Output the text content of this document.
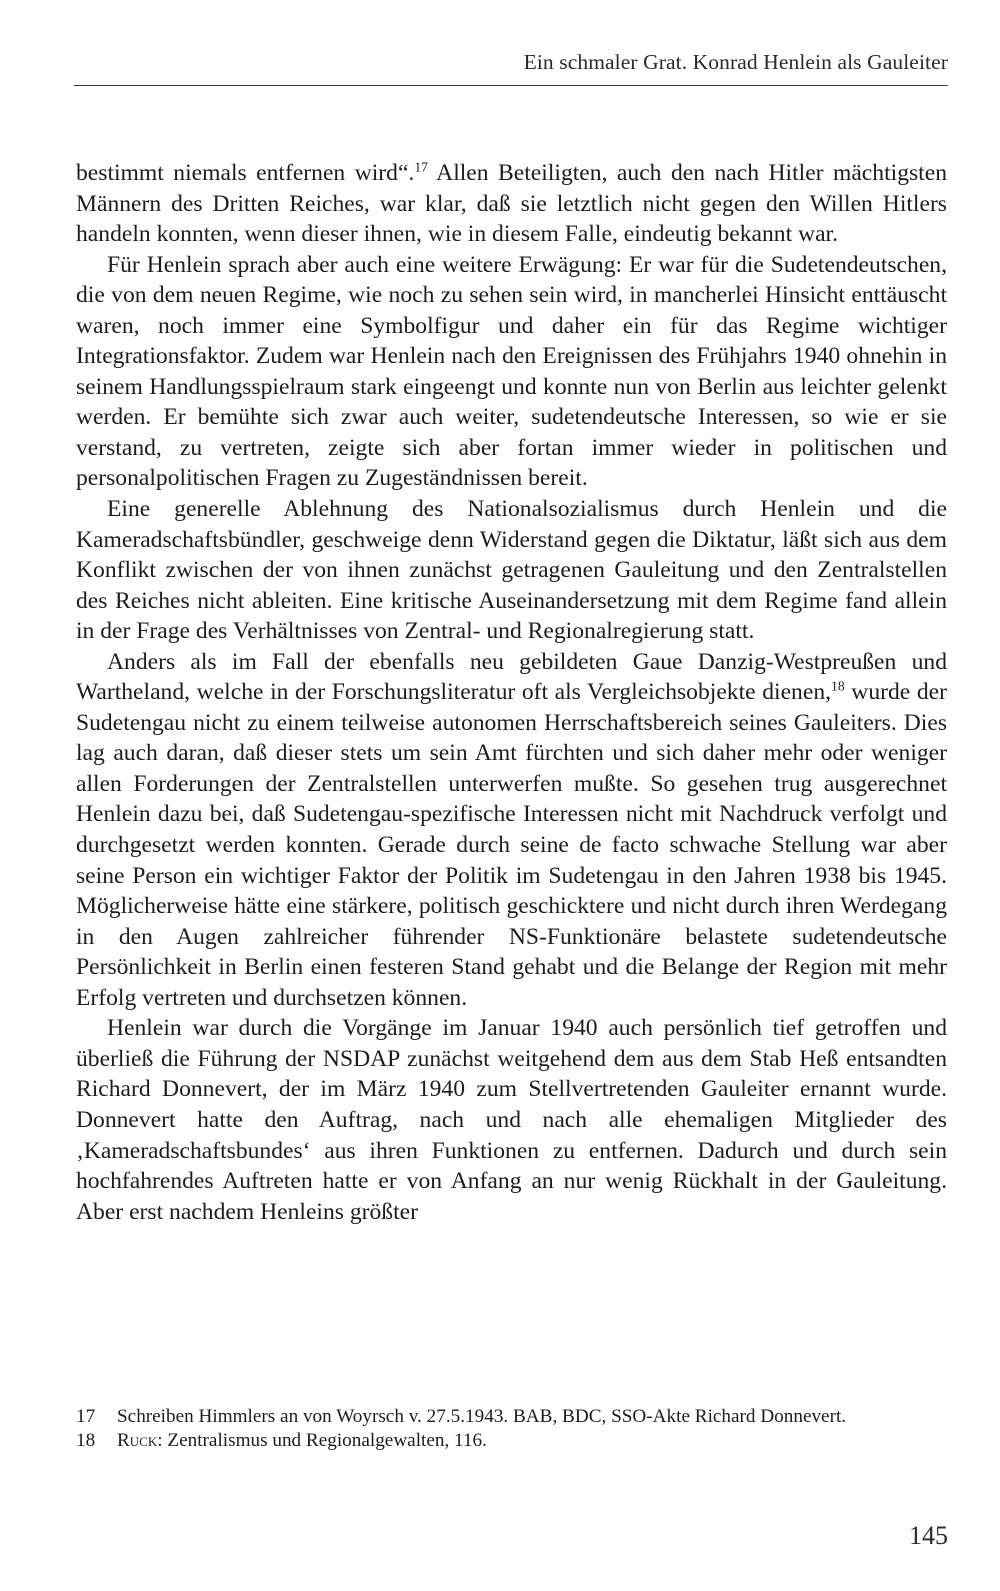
Ein schmaler Grat. Konrad Henlein als Gauleiter

bestimmt niemals entfernen wird“.$^{17}$ Allen Beteiligten, auch den nach Hitler mächtigsten Männern des Dritten Reiches, war klar, daß sie letztlich nicht gegen den Willen Hitlers handeln konnten, wenn dieser ihnen, wie in diesem Falle, eindeutig bekannt war.

Für Henlein sprach aber auch eine weitere Erwägung: Er war für die Sudetendeutschen, die von dem neuen Regime, wie noch zu sehen sein wird, in mancherlei Hinsicht enttäuscht waren, noch immer eine Symbolfigur und daher ein für das Regime wichtiger Integrationsfaktor. Zudem war Henlein nach den Ereignissen des Frühjahrs 1940 ohnehin in seinem Handlungsspielraum stark eingeengt und konnte nun von Berlin aus leichter gelenkt werden. Er bemühte sich zwar auch weiter, sudetendeutsche Interessen, so wie er sie verstand, zu vertreten, zeigte sich aber fortan immer wieder in politischen und personalpolitischen Fragen zu Zugeständnissen bereit.

Eine generelle Ablehnung des Nationalsozialismus durch Henlein und die Kameradschaftsbündler, geschweige denn Widerstand gegen die Diktatur, läßt sich aus dem Konflikt zwischen der von ihnen zunächst getragenen Gauleitung und den Zentralstellen des Reiches nicht ableiten. Eine kritische Auseinandersetzung mit dem Regime fand allein in der Frage des Verhältnisses von Zentral- und Regionalregierung statt.

Anders als im Fall der ebenfalls neu gebildeten Gaue Danzig-Westpreußen und Wartheland, welche in der Forschungsliteratur oft als Vergleichsobjekte dienen,$^{18}$ wurde der Sudetengau nicht zu einem teilweise autonomen Herrschaftsbereich seines Gauleiters. Dies lag auch daran, daß dieser stets um sein Amt fürchten und sich daher mehr oder weniger allen Forderungen der Zentralstellen unterwerfen mußte. So gesehen trug ausgerechnet Henlein dazu bei, daß Sudetengau-spezifische Interessen nicht mit Nachdruck verfolgt und durchgesetzt werden konnten. Gerade durch seine de facto schwache Stellung war aber seine Person ein wichtiger Faktor der Politik im Sudetengau in den Jahren 1938 bis 1945. Möglicherweise hätte eine stärkere, politisch geschicktere und nicht durch ihren Werdegang in den Augen zahlreicher führender NS-Funktionäre belastete sudetendeutsche Persönlichkeit in Berlin einen festeren Stand gehabt und die Belange der Region mit mehr Erfolg vertreten und durchsetzen können.

Henlein war durch die Vorgänge im Januar 1940 auch persönlich tief getroffen und überließ die Führung der NSDAP zunächst weitgehend dem aus dem Stab Heß entsandten Richard Donnevert, der im März 1940 zum Stellvertretenden Gauleiter ernannt wurde. Donnevert hatte den Auftrag, nach und nach alle ehemaligen Mitglieder des ‚Kameradschaftsbundes‘ aus ihren Funktionen zu entfernen. Dadurch und durch sein hochfahrendes Auftreten hatte er von Anfang an nur wenig Rückhalt in der Gauleitung. Aber erst nachdem Henleins größter

17	Schreiben Himmlers an von Woyrsch v. 27.5.1943. BAB, BDC, SSO-Akte Richard Donnevert.
18	Ruck: Zentralismus und Regionalgewalten, 116.
145
